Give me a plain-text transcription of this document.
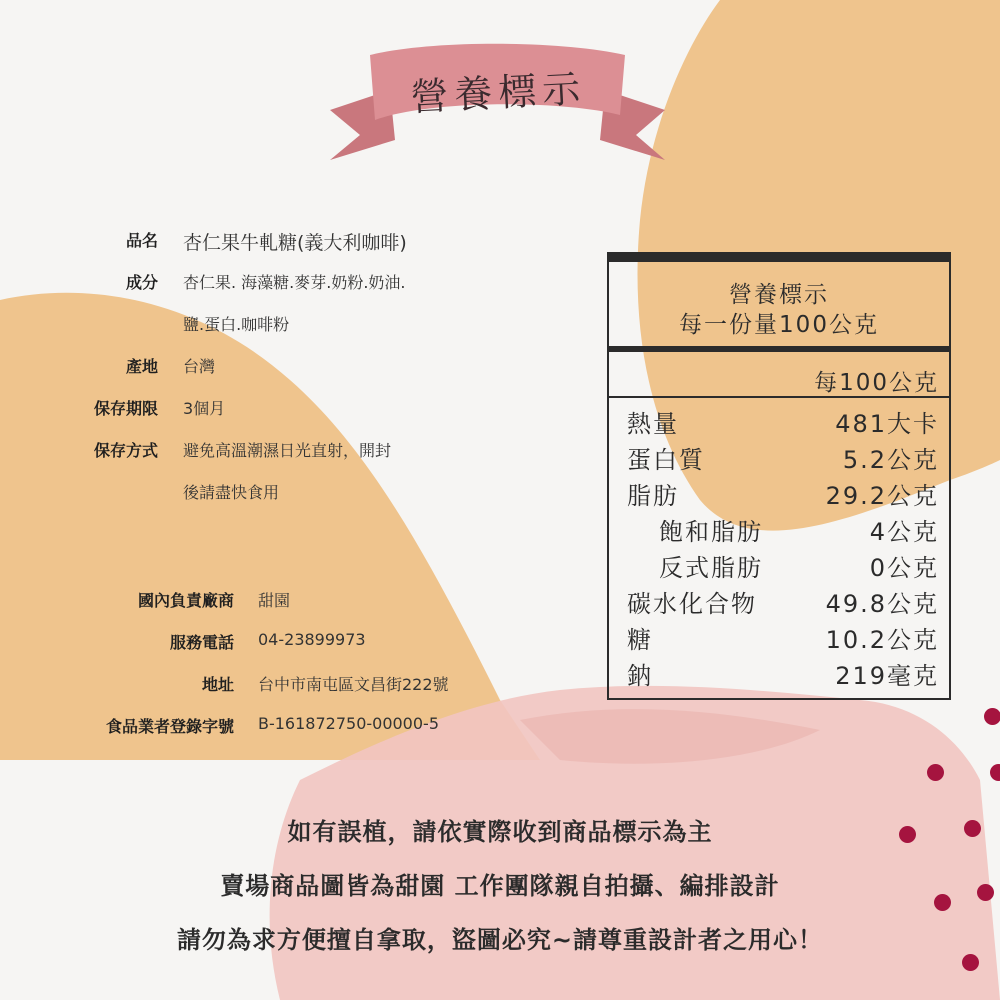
營養標示
品名 杏仁果牛軋糖(義大利咖啡)
成分 杏仁果. 海藻糖.麥芽.奶粉.奶油.
鹽.蛋白.咖啡粉
產地 台灣
保存期限 3個月
保存方式 避免高溫潮濕日光直射，開封
後請盡快食用
國內負責廠商 甜園
服務電話 04-23899973
地址 台中市南屯區文昌街222號
食品業者登錄字號 B-161872750-00000-5
營養標示
每一份量100公克
每100公克
熱量	481大卡
蛋白質	5.2公克
脂肪	29.2公克
飽和脂肪	4公克
反式脂肪	0公克
碳水化合物	49.8公克
糖	10.2公克
鈉	219毫克
如有誤植，請依實際收到商品標示為主
賣場商品圖皆為甜園 工作團隊親自拍攝、編排設計
請勿為求方便擅自拿取，盜圖必究~請尊重設計者之用心！
